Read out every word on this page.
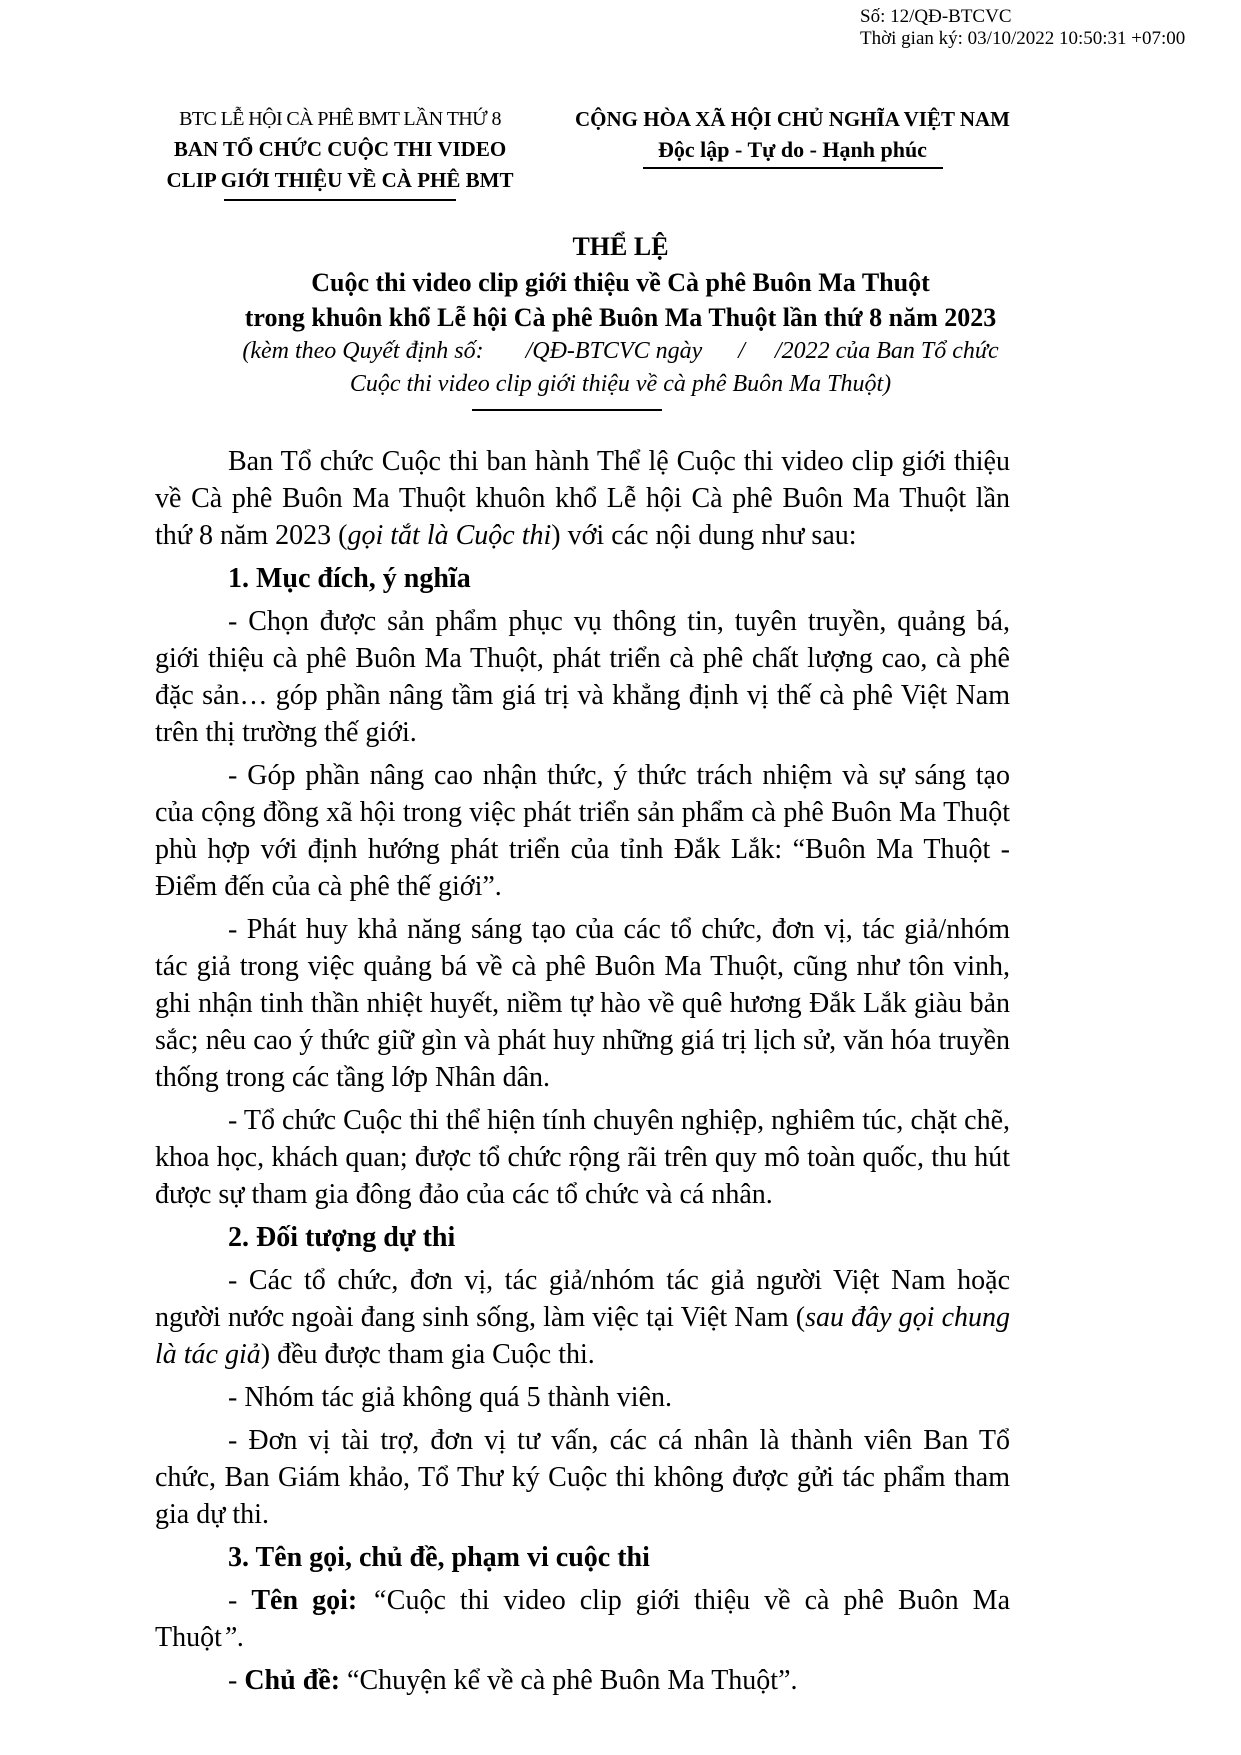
Số: 12/QĐ-BTCVC
Thời gian ký: 03/10/2022 10:50:31 +07:00
BTC LỄ HỘI CÀ PHÊ BMT LẦN THỨ 8
BAN TỔ CHỨC CUỘC THI VIDEO
CLIP GIỚI THIỆU VỀ CÀ PHÊ BMT
CỘNG HÒA XÃ HỘI CHỦ NGHĨA VIỆT NAM
Độc lập - Tự do - Hạnh phúc
THỂ LỆ
Cuộc thi video clip giới thiệu về Cà phê Buôn Ma Thuột
trong khuôn khổ Lễ hội Cà phê Buôn Ma Thuột lần thứ 8 năm 2023
(kèm theo Quyết định số:       /QĐ-BTCVC ngày      /     /2022 của Ban Tổ chức
Cuộc thi video clip giới thiệu về cà phê Buôn Ma Thuột)
Ban Tổ chức Cuộc thi ban hành Thể lệ Cuộc thi video clip giới thiệu về Cà phê Buôn Ma Thuột khuôn khổ Lễ hội Cà phê Buôn Ma Thuột lần thứ 8 năm 2023 (gọi tắt là Cuộc thi) với các nội dung như sau:
1. Mục đích, ý nghĩa
- Chọn được sản phẩm phục vụ thông tin, tuyên truyền, quảng bá, giới thiệu cà phê Buôn Ma Thuột, phát triển cà phê chất lượng cao, cà phê đặc sản… góp phần nâng tầm giá trị và khẳng định vị thế cà phê Việt Nam trên thị trường thế giới.
- Góp phần nâng cao nhận thức, ý thức trách nhiệm và sự sáng tạo của cộng đồng xã hội trong việc phát triển sản phẩm cà phê Buôn Ma Thuột phù hợp với định hướng phát triển của tỉnh Đắk Lắk: “Buôn Ma Thuột - Điểm đến của cà phê thế giới”.
- Phát huy khả năng sáng tạo của các tổ chức, đơn vị, tác giả/nhóm tác giả trong việc quảng bá về cà phê Buôn Ma Thuột, cũng như tôn vinh, ghi nhận tinh thần nhiệt huyết, niềm tự hào về quê hương Đắk Lắk giàu bản sắc; nêu cao ý thức giữ gìn và phát huy những giá trị lịch sử, văn hóa truyền thống trong các tầng lớp Nhân dân.
- Tổ chức Cuộc thi thể hiện tính chuyên nghiệp, nghiêm túc, chặt chẽ, khoa học, khách quan; được tổ chức rộng rãi trên quy mô toàn quốc, thu hút được sự tham gia đông đảo của các tổ chức và cá nhân.
2. Đối tượng dự thi
- Các tổ chức, đơn vị, tác giả/nhóm tác giả người Việt Nam hoặc người nước ngoài đang sinh sống, làm việc tại Việt Nam (sau đây gọi chung là tác giả) đều được tham gia Cuộc thi.
- Nhóm tác giả không quá 5 thành viên.
- Đơn vị tài trợ, đơn vị tư vấn, các cá nhân là thành viên Ban Tổ chức, Ban Giám khảo, Tổ Thư ký Cuộc thi không được gửi tác phẩm tham gia dự thi.
3. Tên gọi, chủ đề, phạm vi cuộc thi
- Tên gọi: “Cuộc thi video clip giới thiệu về cà phê Buôn Ma Thuột”.
- Chủ đề: “Chuyện kể về cà phê Buôn Ma Thuột”.
